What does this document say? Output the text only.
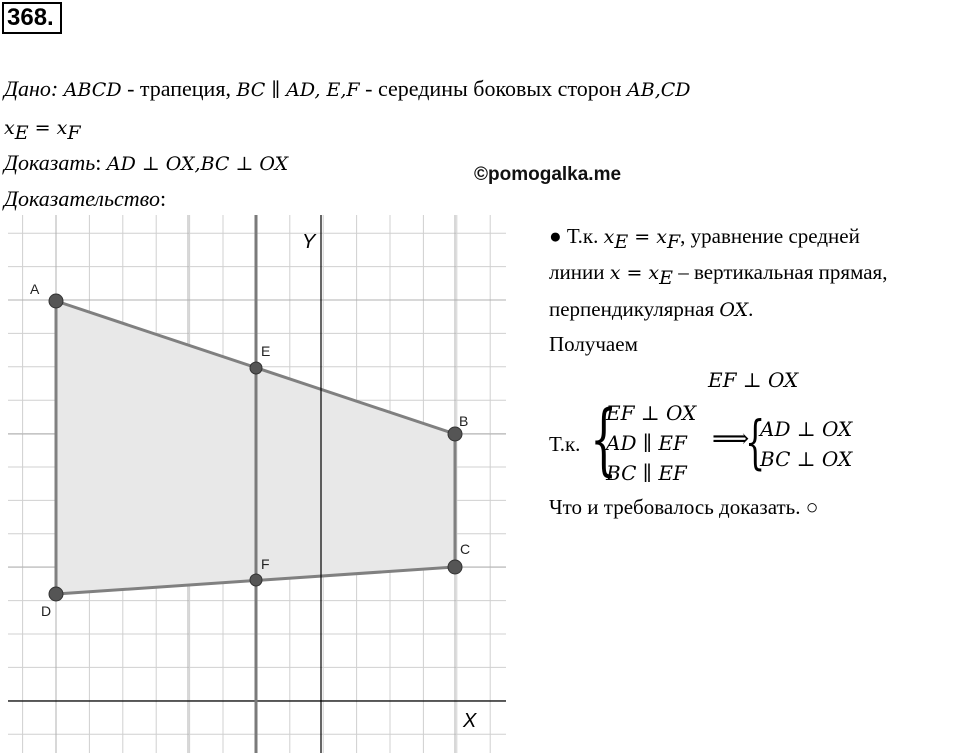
368.
Дано: ABCD - трапеция, BC ∥ AD, E,F - середины боковых сторон AB,CD
$x_E = x_F$
Доказать: AD ⊥ OX,BC ⊥ OX
Доказательство:
©pomogalka.me
Y
X
A
B
C
D
E
F
● Т.к. $x_E = x_F$, уравнение средней
линии $x = x_E$ – вертикальная прямая,
перпендикулярная OX.
Получаем
EF ⊥ OX
Т.к. {
EF ⊥ OX
AD ∥ EF
BC ∥ EF
⟹
{
AD ⊥ OX
BC ⊥ OX
Что и требовалось доказать. ○
